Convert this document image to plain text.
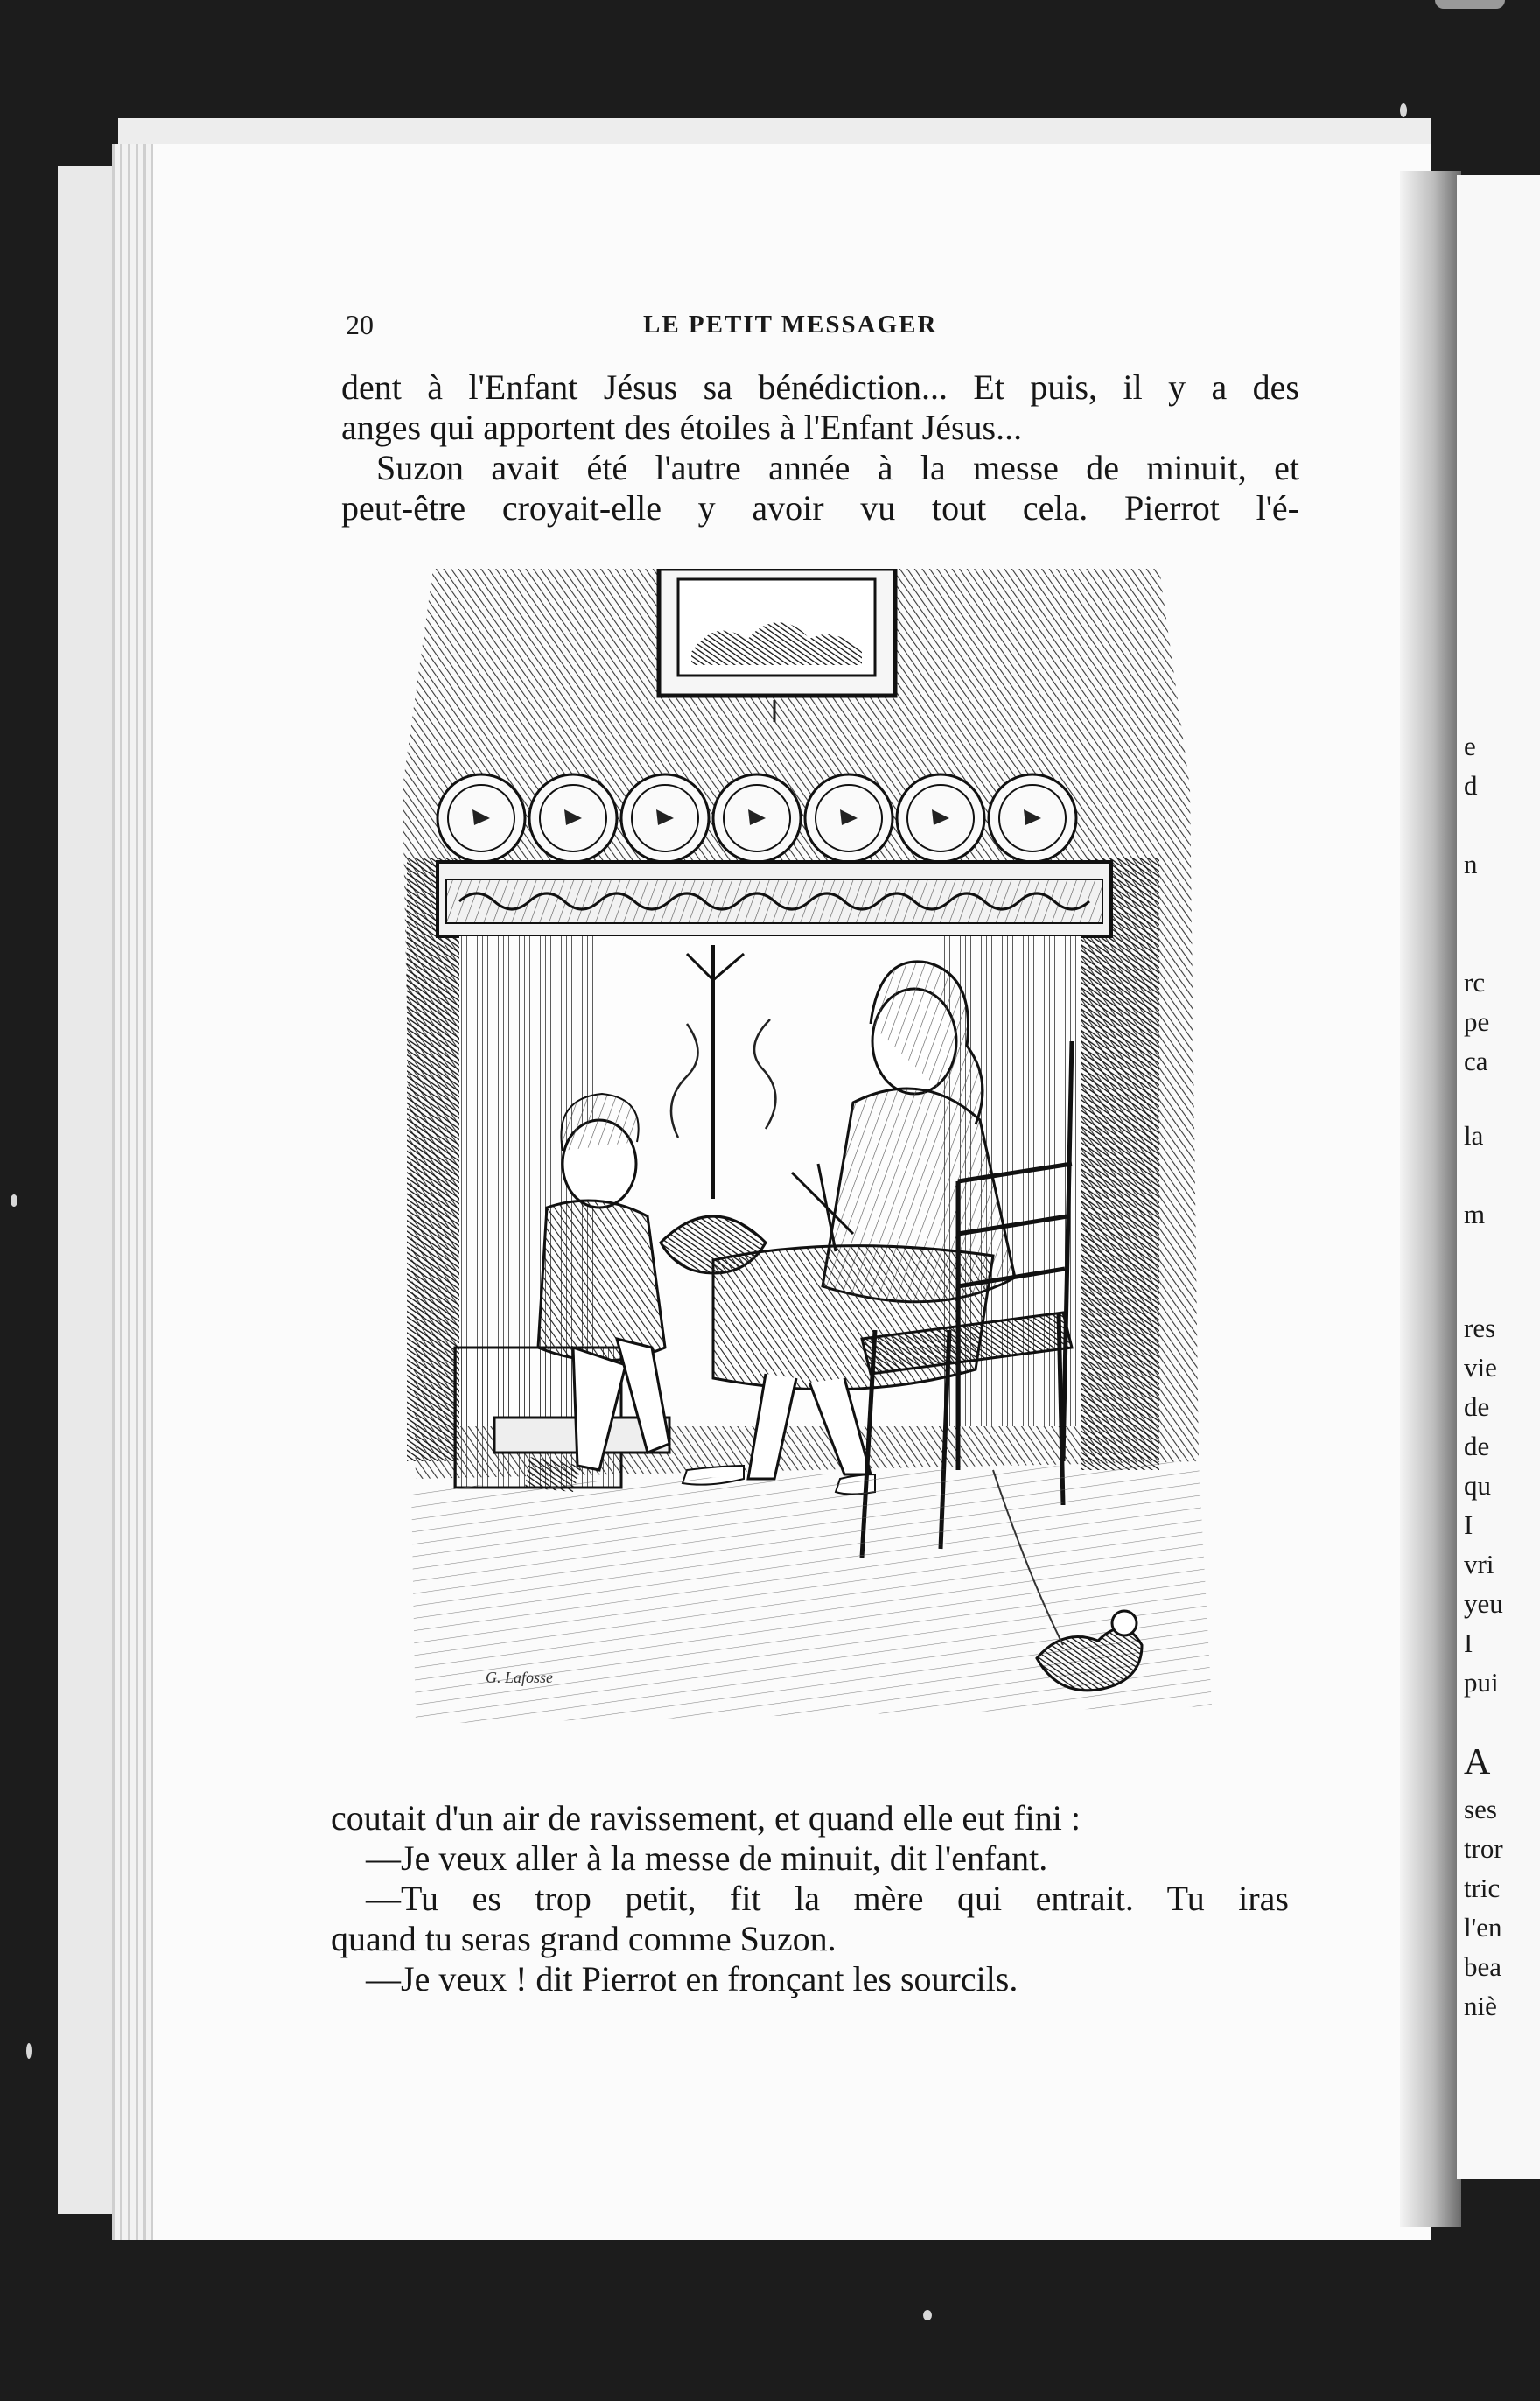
e
d
n
rc
pe
ca
la
m
res
vie
de
de
qu
I
vri
yeu
I
pui
A
ses
tror
tric
l'en
bea
niè
20	LE PETIT MESSAGER
dent à l'Enfant Jésus sa bénédiction... Et puis, il y a des
anges qui apportent des étoiles à l'Enfant Jésus...
Suzon avait été l'autre année à la messe de minuit, et
peut-être croyait-elle y avoir vu tout cela. Pierrot l'é-
G. Lafosse
coutait d'un air de ravissement, et quand elle eut fini :
—Je veux aller à la messe de minuit, dit l'enfant.
—Tu es trop petit, fit la mère qui entrait. Tu iras
quand tu seras grand comme Suzon.
—Je veux ! dit Pierrot en fronçant les sourcils.
